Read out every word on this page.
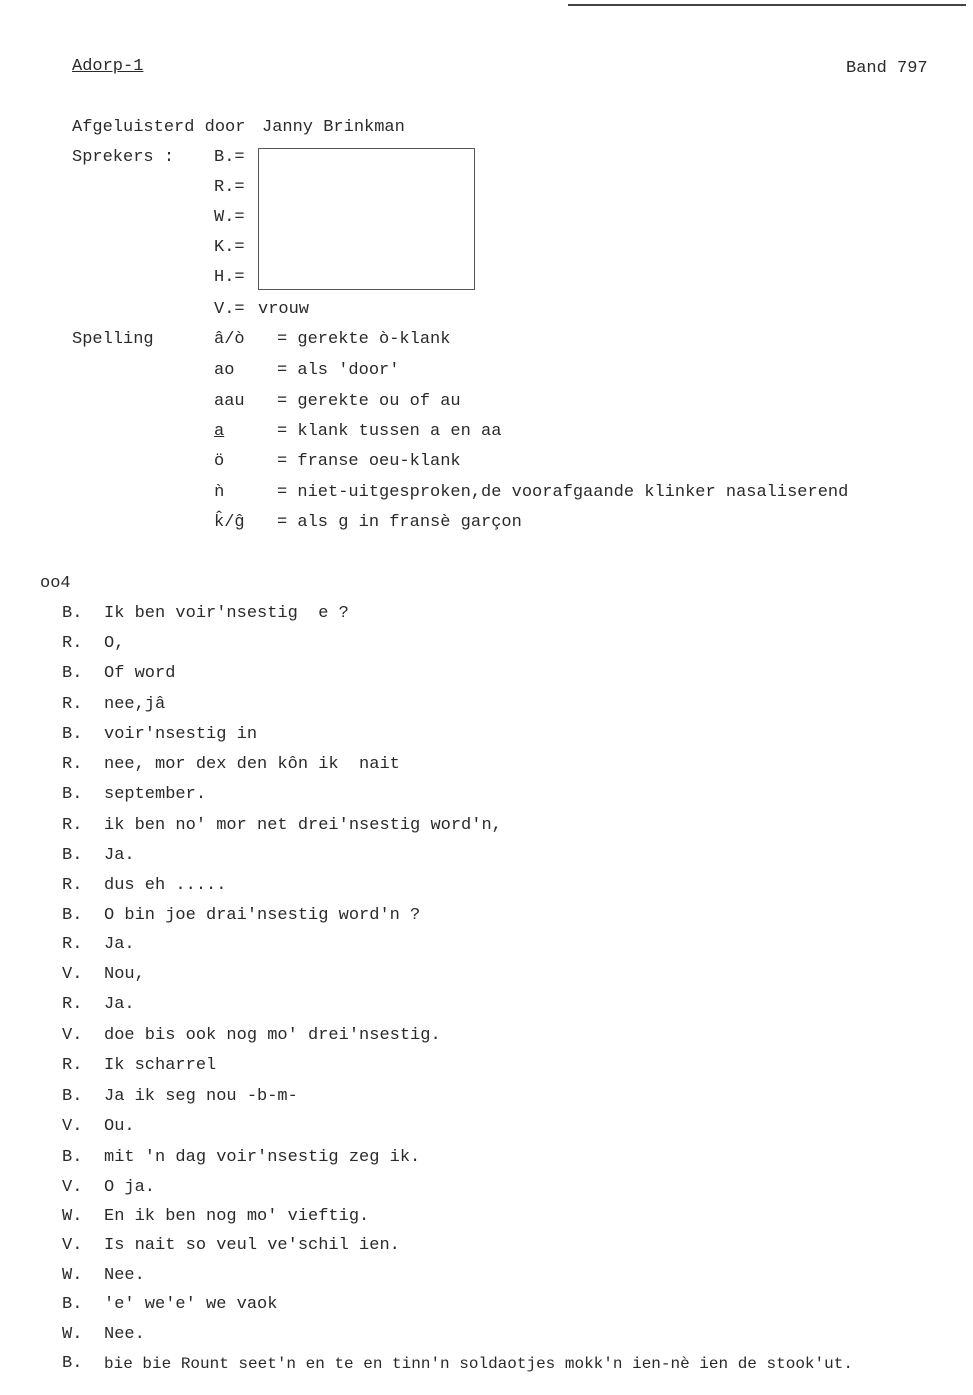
Adorp-1	Band 797
Afgeluisterd door Janny Brinkman
Sprekers : B.=
R.=
W.=
K.=
H.=
V.= vrouw
Spelling	â/ò = gerekte ò-klank
ao	= als 'door'
aau = gerekte ou of au
a	= klank tussen a en aa
ö	= franse oeu-klank
ǹ	= niet-uitgesproken,de voorafgaande klinker nasaliserend
k̂/ĝ = als g in fransè garçon
oo4
B. Ik ben voir'nsestig  e ?
R. O,
B. Of word
R. nee,jâ
B. voir'nsestig in
R. nee, mor dex den kôn ik  nait
B. september.
R. ik ben no' mor net drei'nsestig word'n,
B. Ja.
R. dus eh .....
B. O bin joe drai'nsestig word'n ?
R. Ja.
V. Nou,
R. Ja.
V. doe bis ook nog mo' drei'nsestig.
R. Ik scharrel
B. Ja ik seg nou -b-m-
V. Ou.
B. mit 'n dag voir'nsestig zeg ik.
V. O ja.
W. En ik ben nog mo' vieftig.
V. Is nait so veul ve'schil ien.
W. Nee.
B. 'e' we'e' we vaok
W. Nee.
B. bie bie Rount seet'n en te en tinn'n soldaotjes mokk'n ien-nè ien de stook'ut.
